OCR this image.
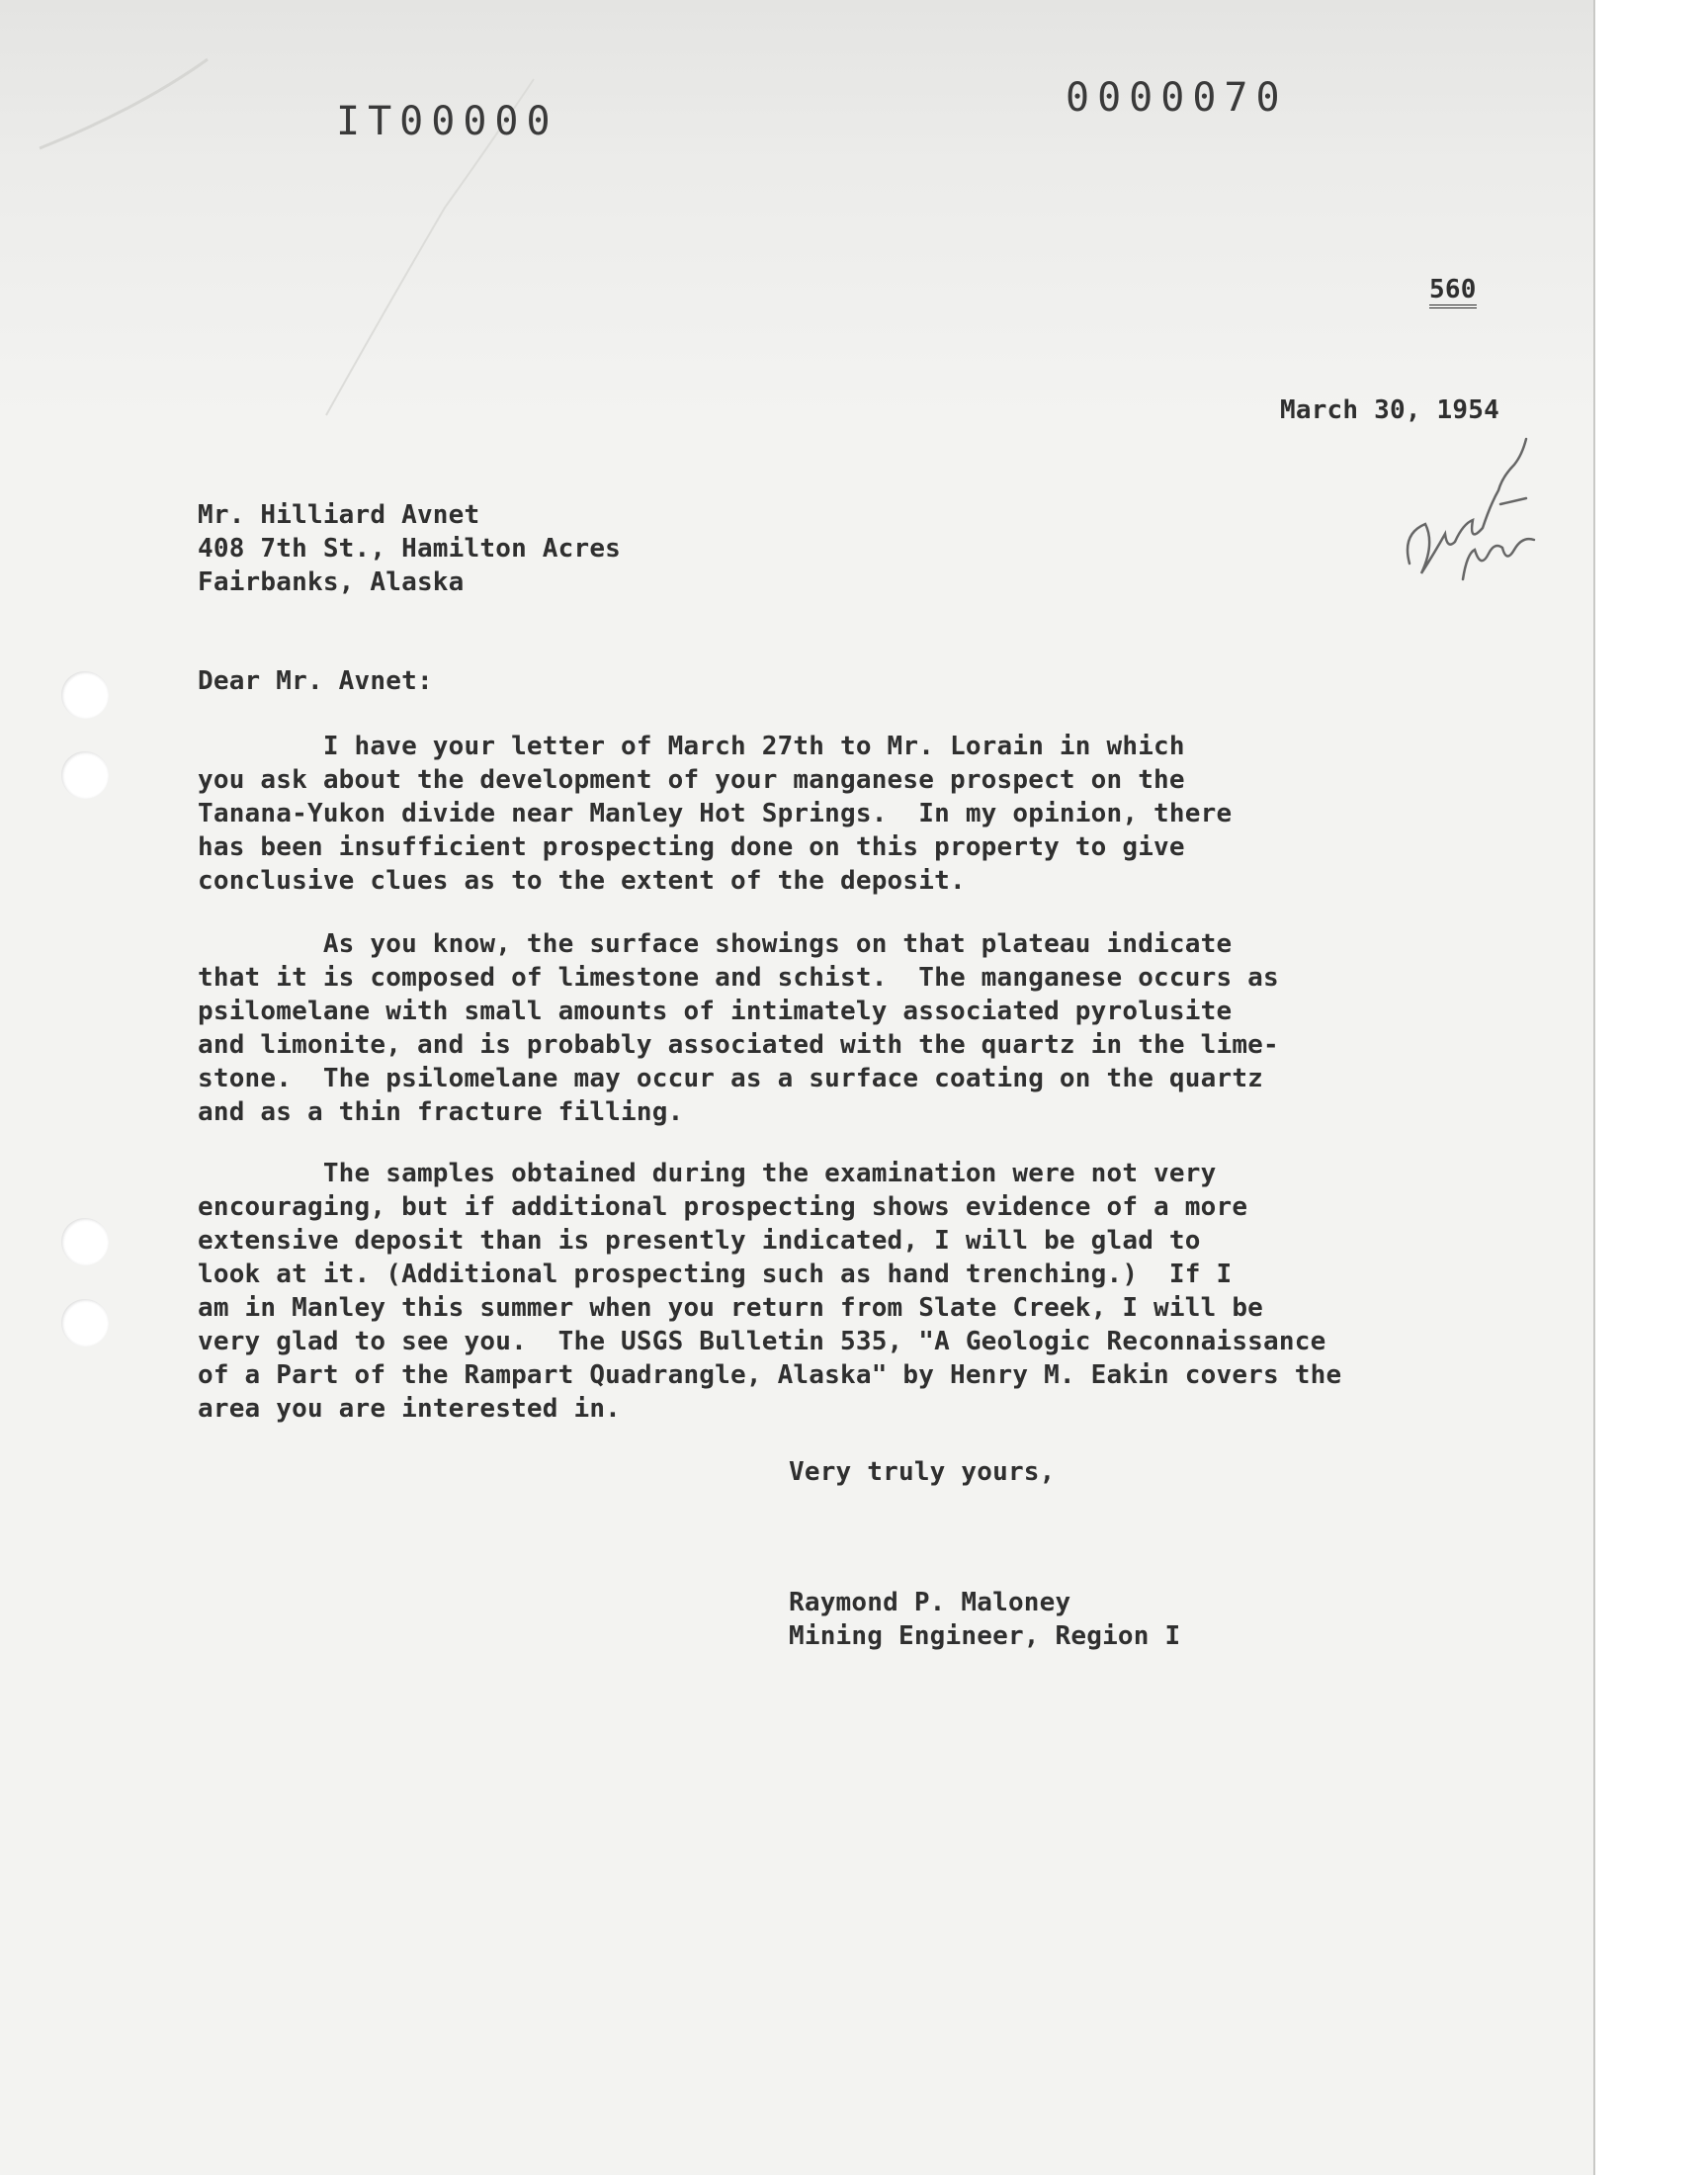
IT00000
0000070
560
March 30, 1954
Avnet Mm
Mr. Hilliard Avnet
408 7th St., Hamilton Acres
Fairbanks, Alaska
Dear Mr. Avnet:
I have your letter of March 27th to Mr. Lorain in which
you ask about the development of your manganese prospect on the
Tanana-Yukon divide near Manley Hot Springs.  In my opinion, there
has been insufficient prospecting done on this property to give
conclusive clues as to the extent of the deposit.
As you know, the surface showings on that plateau indicate
that it is composed of limestone and schist.  The manganese occurs as
psilomelane with small amounts of intimately associated pyrolusite
and limonite, and is probably associated with the quartz in the lime-
stone.  The psilomelane may occur as a surface coating on the quartz
and as a thin fracture filling.
The samples obtained during the examination were not very
encouraging, but if additional prospecting shows evidence of a more
extensive deposit than is presently indicated, I will be glad to
look at it. (Additional prospecting such as hand trenching.)  If I
am in Manley this summer when you return from Slate Creek, I will be
very glad to see you.  The USGS Bulletin 535, "A Geologic Reconnaissance
of a Part of the Rampart Quadrangle, Alaska" by Henry M. Eakin covers the
area you are interested in.
Very truly yours,
Raymond P. Maloney
Mining Engineer, Region I
